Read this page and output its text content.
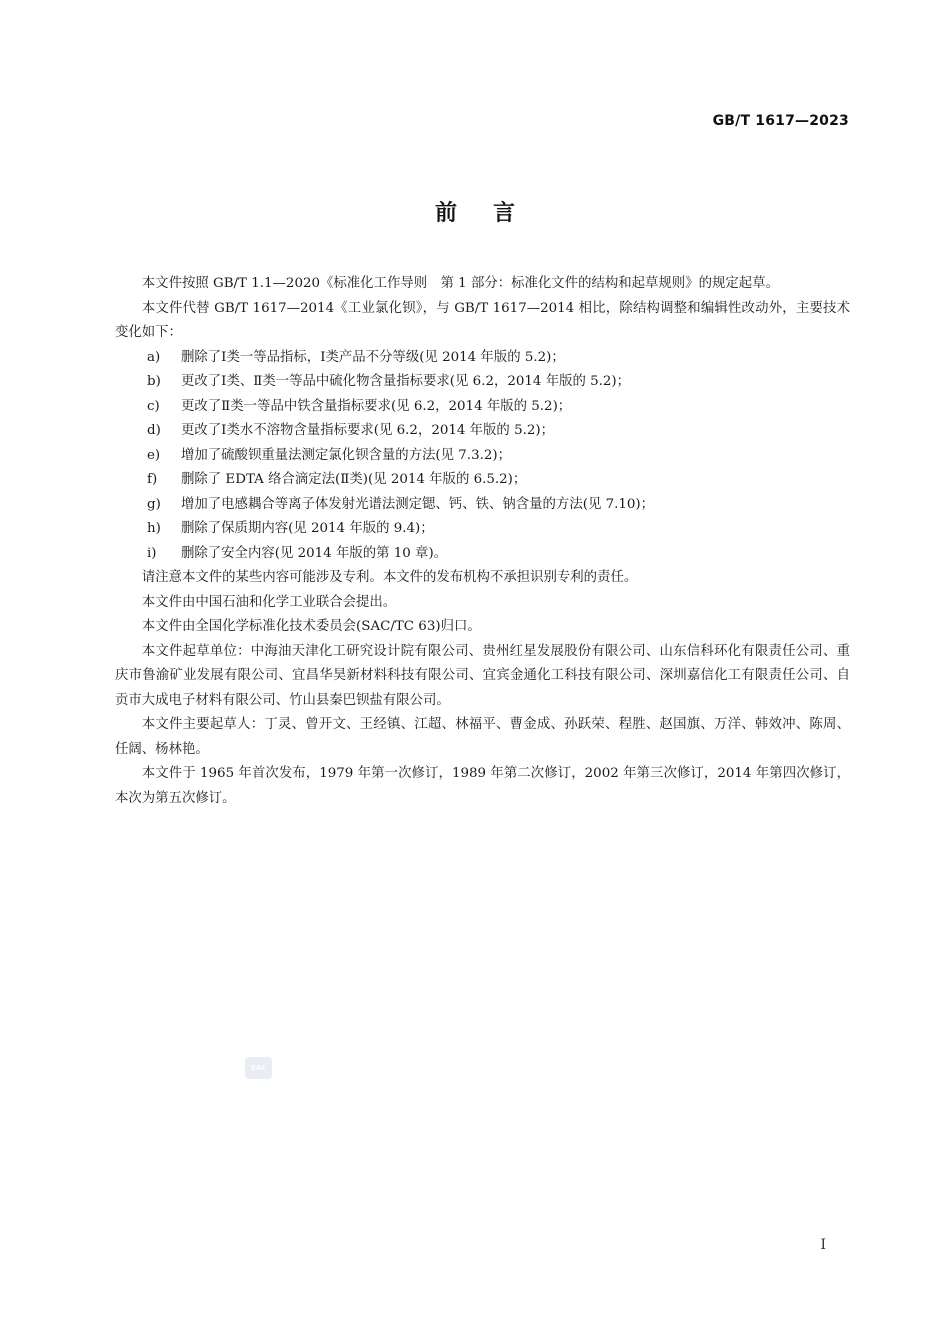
GB/T 1617—2023
前言

本文件按照 GB/T 1.1—2020《标准化工作导则　第 1 部分：标准化文件的结构和起草规则》的规定起草。

本文件代替 GB/T 1617—2014《工业氯化钡》，与 GB/T 1617—2014 相比，除结构调整和编辑性改动外，主要技术变化如下：

a) 删除了Ⅰ类一等品指标，Ⅰ类产品不分等级(见 2014 年版的 5.2)；

b) 更改了Ⅰ类、Ⅱ类一等品中硫化物含量指标要求(见 6.2，2014 年版的 5.2)；

c) 更改了Ⅱ类一等品中铁含量指标要求(见 6.2，2014 年版的 5.2)；

d) 更改了Ⅰ类水不溶物含量指标要求(见 6.2，2014 年版的 5.2)；

e) 增加了硫酸钡重量法测定氯化钡含量的方法(见 7.3.2)；

f) 删除了 EDTA 络合滴定法(Ⅱ类)(见 2014 年版的 6.5.2)；

g) 增加了电感耦合等离子体发射光谱法测定锶、钙、铁、钠含量的方法(见 7.10)；

h) 删除了保质期内容(见 2014 年版的 9.4)；

i) 删除了安全内容(见 2014 年版的第 10 章)。

请注意本文件的某些内容可能涉及专利。本文件的发布机构不承担识别专利的责任。

本文件由中国石油和化学工业联合会提出。

本文件由全国化学标准化技术委员会(SAC/TC 63)归口。

本文件起草单位：中海油天津化工研究设计院有限公司、贵州红星发展股份有限公司、山东信科环化有限责任公司、重庆市鲁渝矿业发展有限公司、宜昌华昊新材料科技有限公司、宜宾金通化工科技有限公司、深圳嘉信化工有限责任公司、自贡市大成电子材料有限公司、竹山县秦巴钡盐有限公司。

本文件主要起草人：丁灵、曾开文、王经镇、江超、林福平、曹金成、孙跃荣、程胜、赵国旗、万洋、韩效冲、陈周、任阔、杨林艳。

本文件于 1965 年首次发布，1979 年第一次修订，1989 年第二次修订，2002 年第三次修订，2014 年第四次修订，本次为第五次修订。

SAC
Ⅰ
